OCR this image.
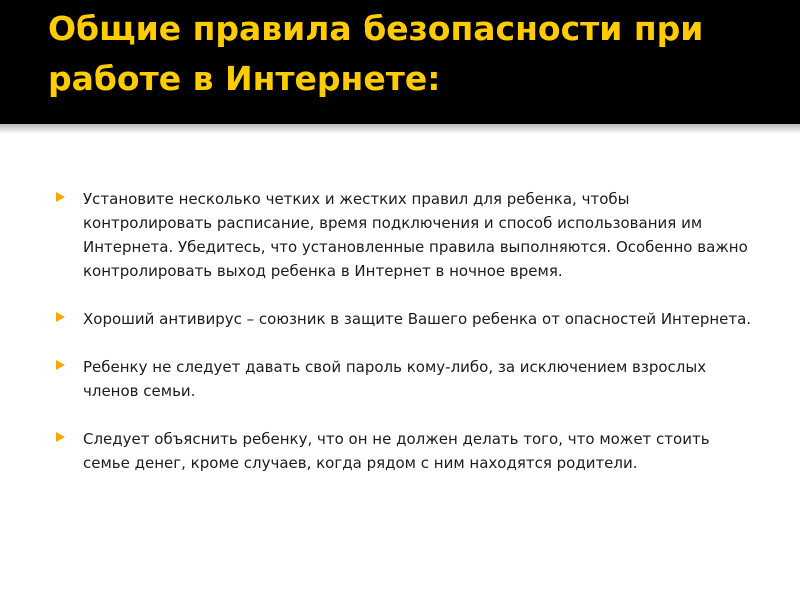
Общие правила безопасности при работе в Интернете:
Установите несколько четких и жестких правил для ребенка, чтобы контролировать расписание, время подключения и способ использования им Интернета. Убедитесь, что установленные правила выполняются. Особенно важно контролировать выход ребенка в Интернет в ночное время.
Хороший антивирус – союзник в защите Вашего ребенка от опасностей Интернета.
Ребенку не следует давать свой пароль кому-либо, за исключением взрослых членов семьи.
Следует объяснить ребенку, что он не должен делать того, что может стоить семье денег, кроме случаев, когда рядом с ним находятся родители.
